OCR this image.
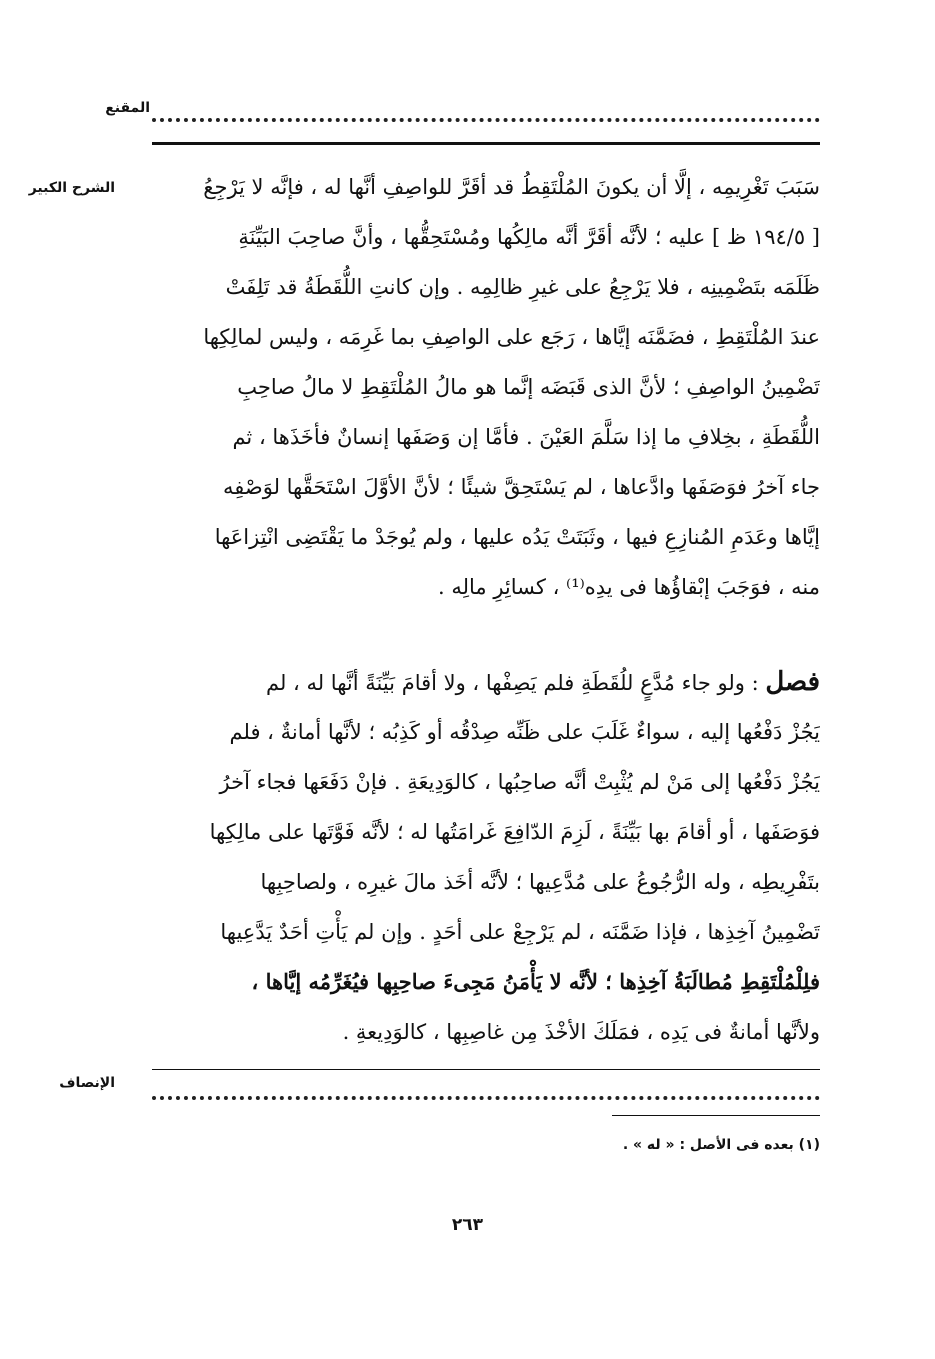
المقنع
الشرح الكبير	سَبَبَ تَغْرِيمِه ، إلَّا أن يكونَ المُلْتَقِطُ قد أقَرَّ للواصِفِ أنَّها له ، فإنَّه لا يَرْجِعُ
[ ١٩٤/٥ ظ ] عليه ؛ لأنَّه أقَرَّ أنَّه مالِكُها ومُسْتَحِقُّها ، وأنَّ صاحِبَ البَيِّنَةِ
ظَلَمَه بتَضْمِينِه ، فلا يَرْجِعُ على غيرِ ظالِمِه . وإن كانتِ اللُّقَطَةُ قد تَلِفَتْ
عندَ المُلْتَقِطِ ، فضَمَّنَه إيَّاها ، رَجَع على الواصِفِ بما غَرِمَه ، وليس لمالِكِها
تَضْمِينُ الواصِفِ ؛ لأنَّ الذى قَبَضَه إنَّما هو مالُ المُلْتَقِطِ لا مالُ صاحِبِ
اللُّقَطَةِ ، بخِلافِ ما إذا سَلَّمَ العَيْنَ . فأمَّا إن وَصَفَها إنسانٌ فأخَذَها ، ثم
جاء آخرُ فوَصَفَها وادَّعاها ، لم يَسْتَحِقَّ شيئًا ؛ لأنَّ الأوَّلَ اسْتَحَقَّها لوَصْفِه
إيَّاها وعَدَمِ المُنازِعِ فيها ، وثَبَتَتْ يَدُه عليها ، ولم يُوجَدْ ما يَقْتَضِى انْتِزاعَها
منه ، فوَجَبَ إبْقاؤُها فى يدِه⁽¹⁾ ، كسائِرِ مالِه .
فصل : ولو جاء مُدَّعٍ للُقَطَةِ فلم يَصِفْها ، ولا أقامَ بَيِّنَةً أنَّها له ، لم
يَجُزْ دَفْعُها إليه ، سواءٌ غَلَبَ على ظَنِّه صِدْقُه أو كَذِبُه ؛ لأنَّها أمانةٌ ، فلم
يَجُزْ دَفْعُها إلى مَنْ لم يُثْبِتْ أنَّه صاحِبُها ، كالوَدِيعَةِ . فإنْ دَفَعَها فجاء آخرُ
فوَصَفَها ، أو أقامَ بها بَيِّنَةً ، لَزِمَ الدّافِعَ غَرامَتُها له ؛ لأنَّه فَوَّتَها على مالِكِها
بتَفْرِيطِه ، وله الرُّجُوعُ على مُدَّعِيها ؛ لأنَّه أخَذ مالَ غيرِه ، ولصاحِبِها
تَضْمِينُ آخِذِها ، فإذا ضَمَّنَه ، لم يَرْجِعْ على أحَدٍ . وإن لم يَأْتِ أحَدٌ يَدَّعِيها
فلِلْمُلْتَقِطِ مُطالَبَةُ آخِذِها ؛ لأنَّه لا يَأْمَنُ مَجِىءَ صاحِبِها فيُغَرِّمُه إيَّاها ،
ولأنَّها أمانةٌ فى يَدِه ، فمَلَكَ الأخْذَ مِن غاصِبِها ، كالوَدِيعةِ .
الإنصاف
(١) بعده فى الأصل : « له » .
٢٦٣
